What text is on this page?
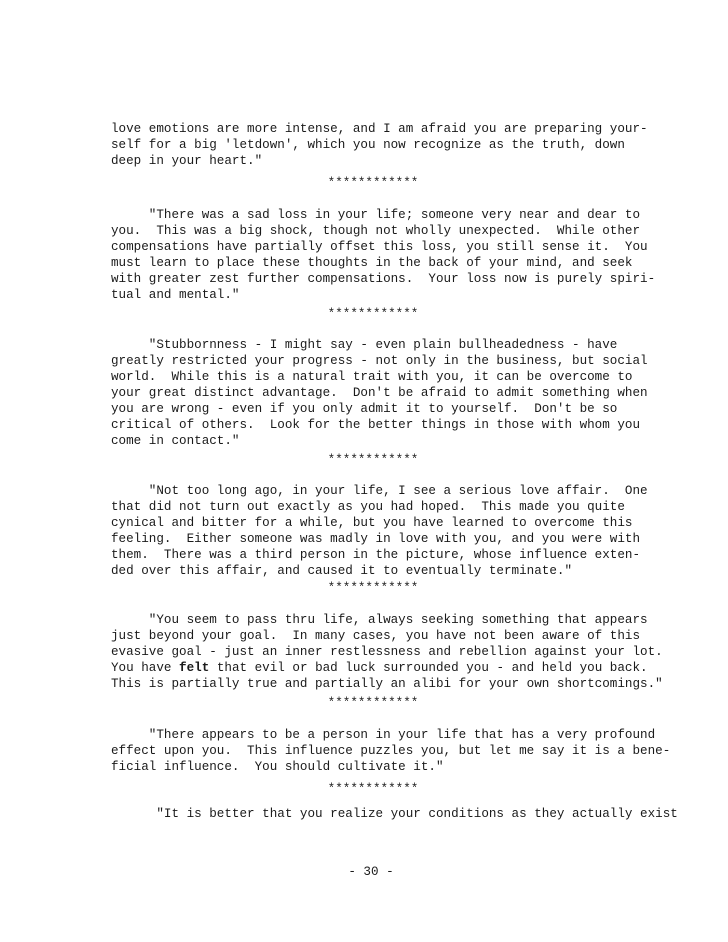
love emotions are more intense, and I am afraid you are preparing your-
self for a big 'letdown', which you now recognize as the truth, down
deep in your heart."
************
"There was a sad loss in your life; someone very near and dear to
you.  This was a big shock, though not wholly unexpected.  While other
compensations have partially offset this loss, you still sense it.  You
must learn to place these thoughts in the back of your mind, and seek
with greater zest further compensations.  Your loss now is purely spiri-
tual and mental."
************
"Stubbornness - I might say - even plain bullheadedness - have
greatly restricted your progress - not only in the business, but social
world.  While this is a natural trait with you, it can be overcome to
your great distinct advantage.  Don't be afraid to admit something when
you are wrong - even if you only admit it to yourself.  Don't be so
critical of others.  Look for the better things in those with whom you
come in contact."
************
"Not too long ago, in your life, I see a serious love affair.  One
that did not turn out exactly as you had hoped.  This made you quite
cynical and bitter for a while, but you have learned to overcome this
feeling.  Either someone was madly in love with you, and you were with
them.  There was a third person in the picture, whose influence exten-
ded over this affair, and caused it to eventually terminate."
************
"You seem to pass thru life, always seeking something that appears
just beyond your goal.  In many cases, you have not been aware of this
evasive goal - just an inner restlessness and rebellion against your lot.
You have felt that evil or bad luck surrounded you - and held you back.
This is partially true and partially an alibi for your own shortcomings."
************
"There appears to be a person in your life that has a very profound
effect upon you.  This influence puzzles you, but let me say it is a bene-
ficial influence.  You should cultivate it."
************
"It is better that you realize your conditions as they actually exist
- 30 -
